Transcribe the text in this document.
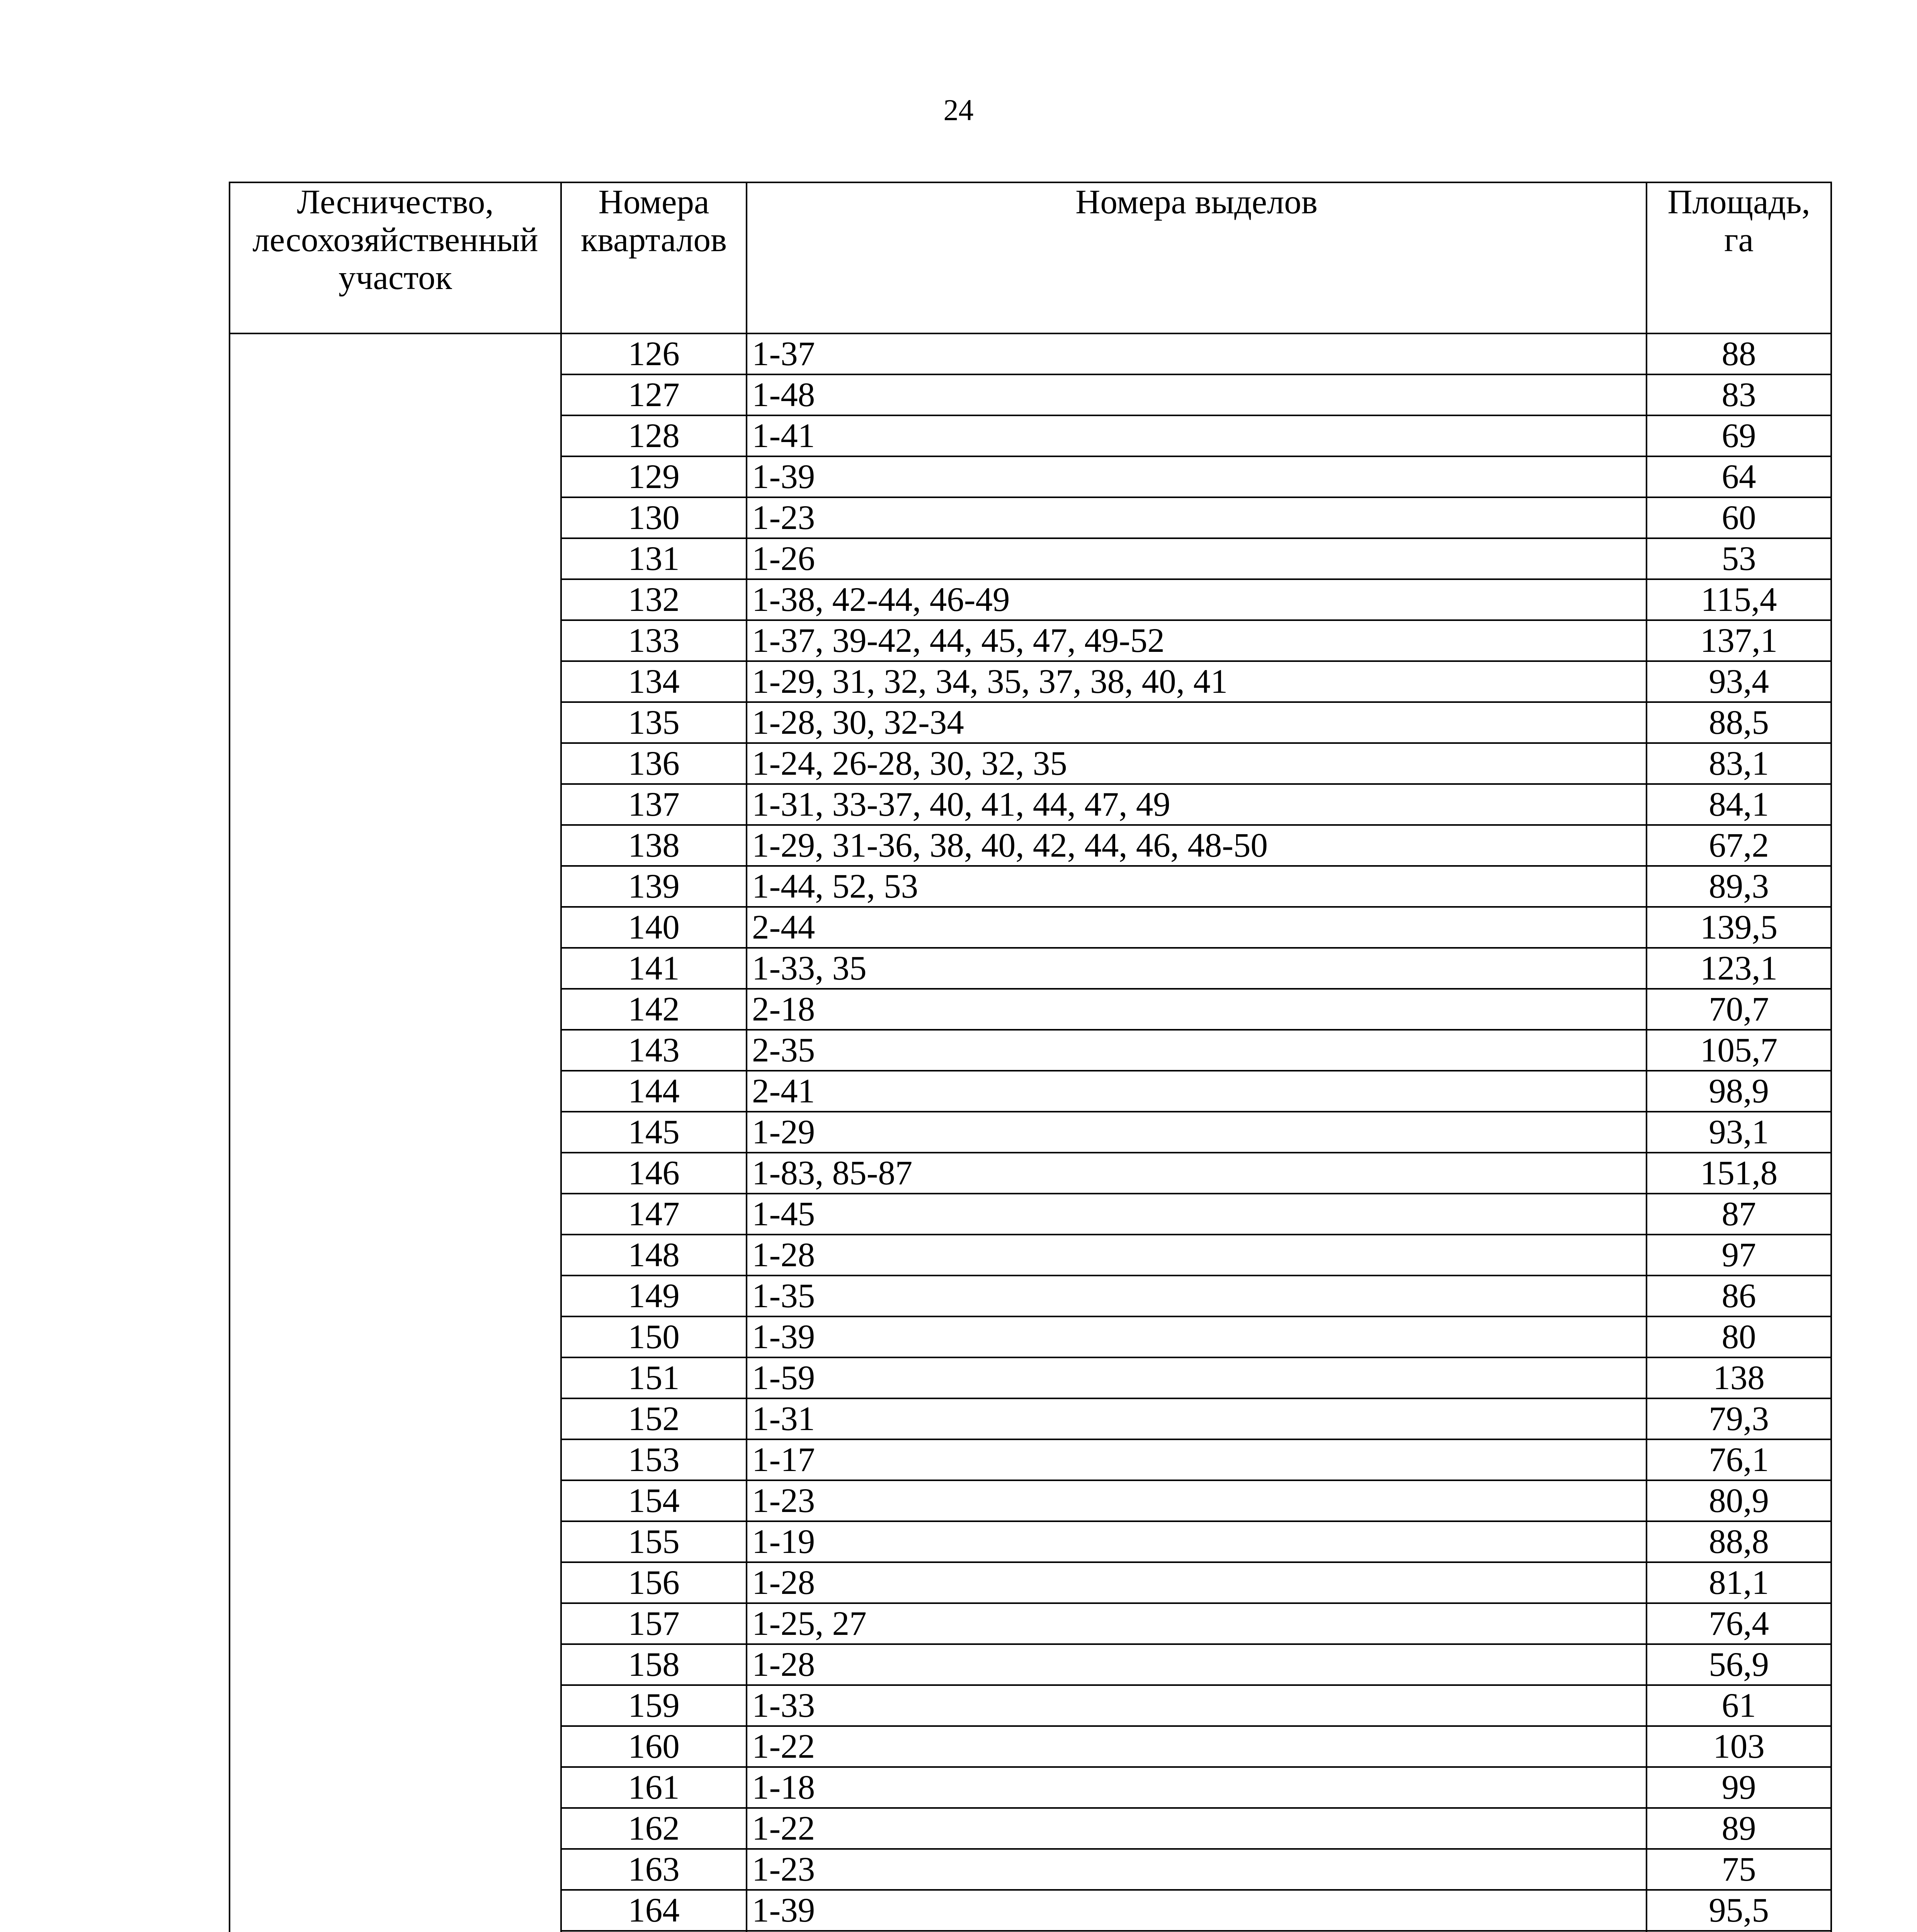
24
Лесничество, лесохозяйственный участок	Номера кварталов	Номера выделов	Площадь, га
	126	1-37	88
	127	1-48	83
	128	1-41	69
	129	1-39	64
	130	1-23	60
	131	1-26	53
	132	1-38, 42-44, 46-49	115,4
	133	1-37, 39-42, 44, 45, 47, 49-52	137,1
	134	1-29, 31, 32, 34, 35, 37, 38, 40, 41	93,4
	135	1-28, 30, 32-34	88,5
	136	1-24, 26-28, 30, 32, 35	83,1
	137	1-31, 33-37, 40, 41, 44, 47, 49	84,1
	138	1-29, 31-36, 38, 40, 42, 44, 46, 48-50	67,2
	139	1-44, 52, 53	89,3
	140	2-44	139,5
	141	1-33, 35	123,1
	142	2-18	70,7
	143	2-35	105,7
	144	2-41	98,9
	145	1-29	93,1
	146	1-83, 85-87	151,8
	147	1-45	87
	148	1-28	97
	149	1-35	86
	150	1-39	80
	151	1-59	138
	152	1-31	79,3
	153	1-17	76,1
	154	1-23	80,9
	155	1-19	88,8
	156	1-28	81,1
	157	1-25, 27	76,4
	158	1-28	56,9
	159	1-33	61
	160	1-22	103
	161	1-18	99
	162	1-22	89
	163	1-23	75
	164	1-39	95,5
